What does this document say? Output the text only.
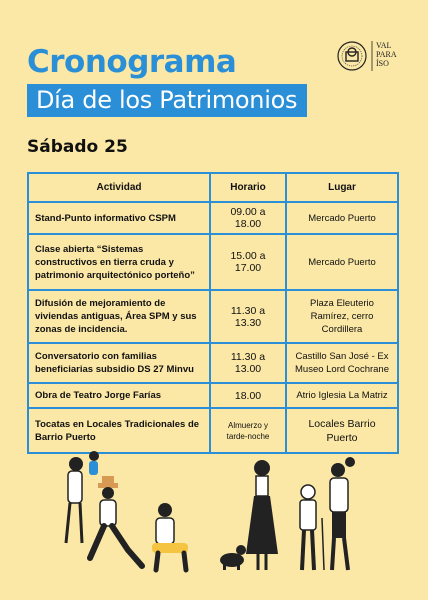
Cronograma
Día de los Patrimonios
VAL
PARA
ÍSO
Sábado 25
Actividad	Horario	Lugar
Stand-Punto informativo CSPM	09.00 a 18.00	Mercado Puerto
Clase abierta “Sistemas constructivos en tierra cruda y patrimonio arquitectónico porteño”	15.00 a 17.00	Mercado Puerto
Difusión de mejoramiento de viviendas antiguas, Área SPM y sus zonas de incidencia.	11.30 a 13.30	Plaza Eleuterio Ramírez, cerro Cordillera
Conversatorio con familias beneficiarias subsidio DS 27 Minvu	11.30 a 13.00	Castillo San José - Ex Museo Lord Cochrane
Obra de Teatro Jorge Farías	18.00	Atrio Iglesia La Matriz
Tocatas en Locales Tradicionales de Barrio Puerto	Almuerzo y tarde-noche	Locales Barrio Puerto
